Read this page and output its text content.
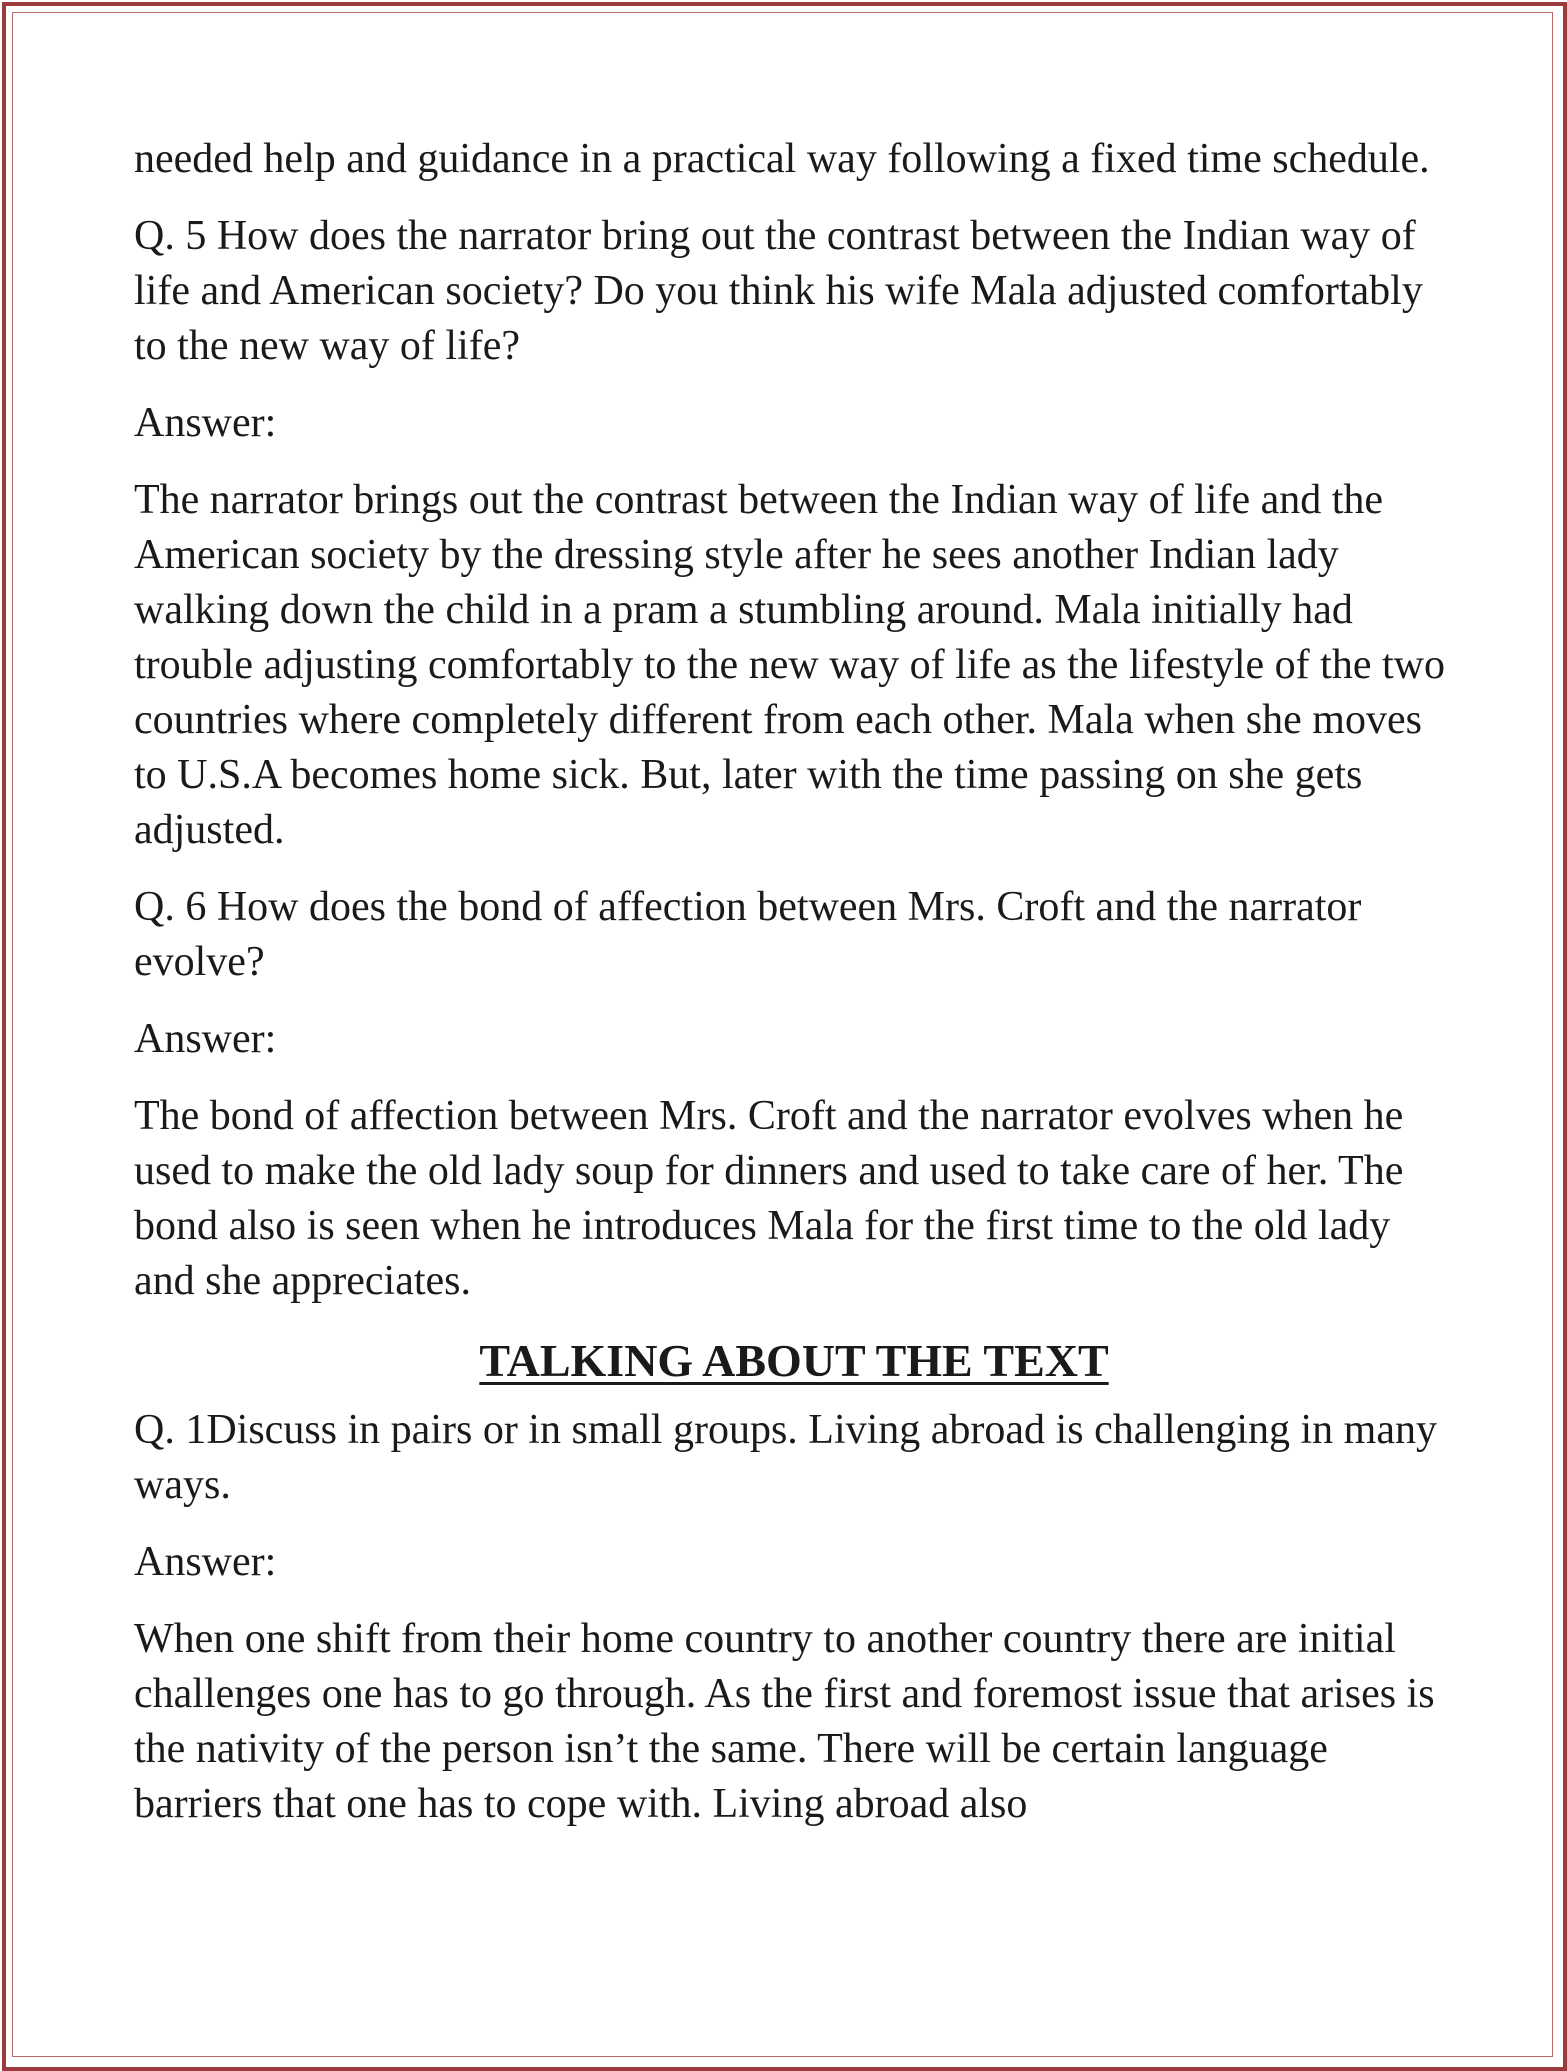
needed help and guidance in a practical way following a fixed time schedule.

Q. 5 How does the narrator bring out the contrast between the Indian way of life and American society? Do you think his wife Mala adjusted comfortably to the new way of life?

Answer:

The narrator brings out the contrast between the Indian way of life and the American society by the dressing style after he sees another Indian lady walking down the child in a pram a stumbling around. Mala initially had trouble adjusting comfortably to the new way of life as the lifestyle of the two countries where completely different from each other. Mala when she moves to U.S.A becomes home sick. But, later with the time passing on she gets adjusted.

Q. 6 How does the bond of affection between Mrs. Croft and the narrator evolve?

Answer:

The bond of affection between Mrs. Croft and the narrator evolves when he used to make the old lady soup for dinners and used to take care of her. The bond also is seen when he introduces Mala for the first time to the old lady and she appreciates.

TALKING ABOUT THE TEXT

Q. 1Discuss in pairs or in small groups. Living abroad is challenging in many ways.

Answer:

When one shift from their home country to another country there are initial challenges one has to go through. As the first and foremost issue that arises is the nativity of the person isn’t the same. There will be certain language barriers that one has to cope with. Living abroad also
